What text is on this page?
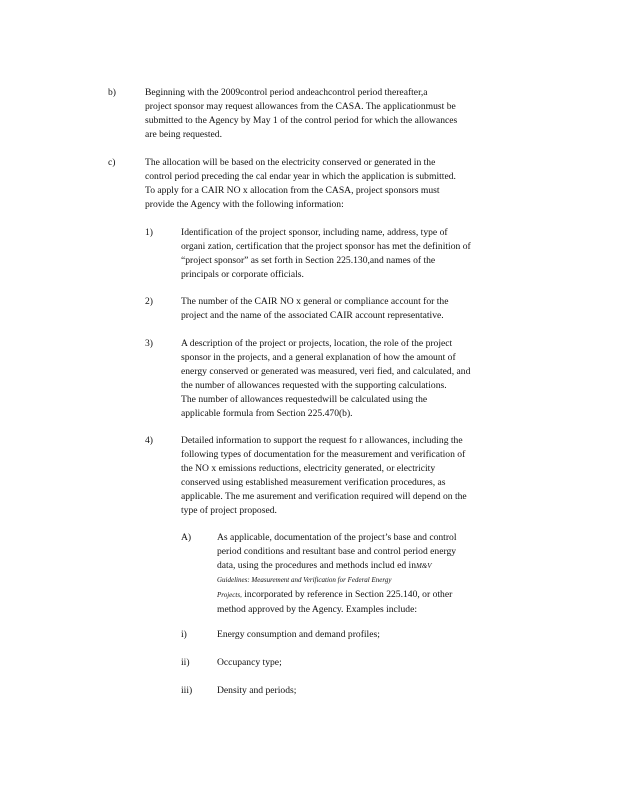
b)	Beginning with the 2009control period andeachcontrol period thereafter,a
project sponsor may request allowances from the CASA. The applicationmust be
submitted to the Agency by May 1 of the control period for which the allowances
are being requested.
c)	The allocation will be based on the electricity conserved or generated in the
control period preceding the cal endar year in which the application is submitted.
To apply for a CAIR NO x allocation from the CASA, project sponsors must
provide the Agency with the following information:
1)	Identification of the project sponsor, including name, address, type of
organi zation, certification that the project sponsor has met the definition of
“project sponsor” as set forth in Section 225.130,and names of the
principals or corporate officials.
2)	The number of the CAIR NO x general or compliance account for the
project and the name of the associated CAIR account representative.
3)	A description of the project or projects, location, the role of the project
sponsor in the projects, and a general explanation of how the amount of
energy conserved or generated was measured, veri fied, and calculated, and
the number of allowances requested with the supporting calculations.
The number of allowances requestedwill be calculated using the
applicable formula from Section 225.470(b).
4)	Detailed information to support the request fo r allowances, including the
following types of documentation for the measurement and verification of
the NO x emissions reductions, electricity generated, or electricity
conserved using established measurement verification procedures, as
applicable. The me asurement and verification required will depend on the
type of project proposed.
A)	As applicable, documentation of the project’s base and control
period conditions and resultant base and control period energy
data, using the procedures and methods includ ed inM&V
Guidelines: Measurement and Verification for Federal Energy
Projects, incorporated by reference in Section 225.140, or other
method approved by the Agency. Examples include:
i)	Energy consumption and demand profiles;
ii)	Occupancy type;
iii)	Density and periods;
